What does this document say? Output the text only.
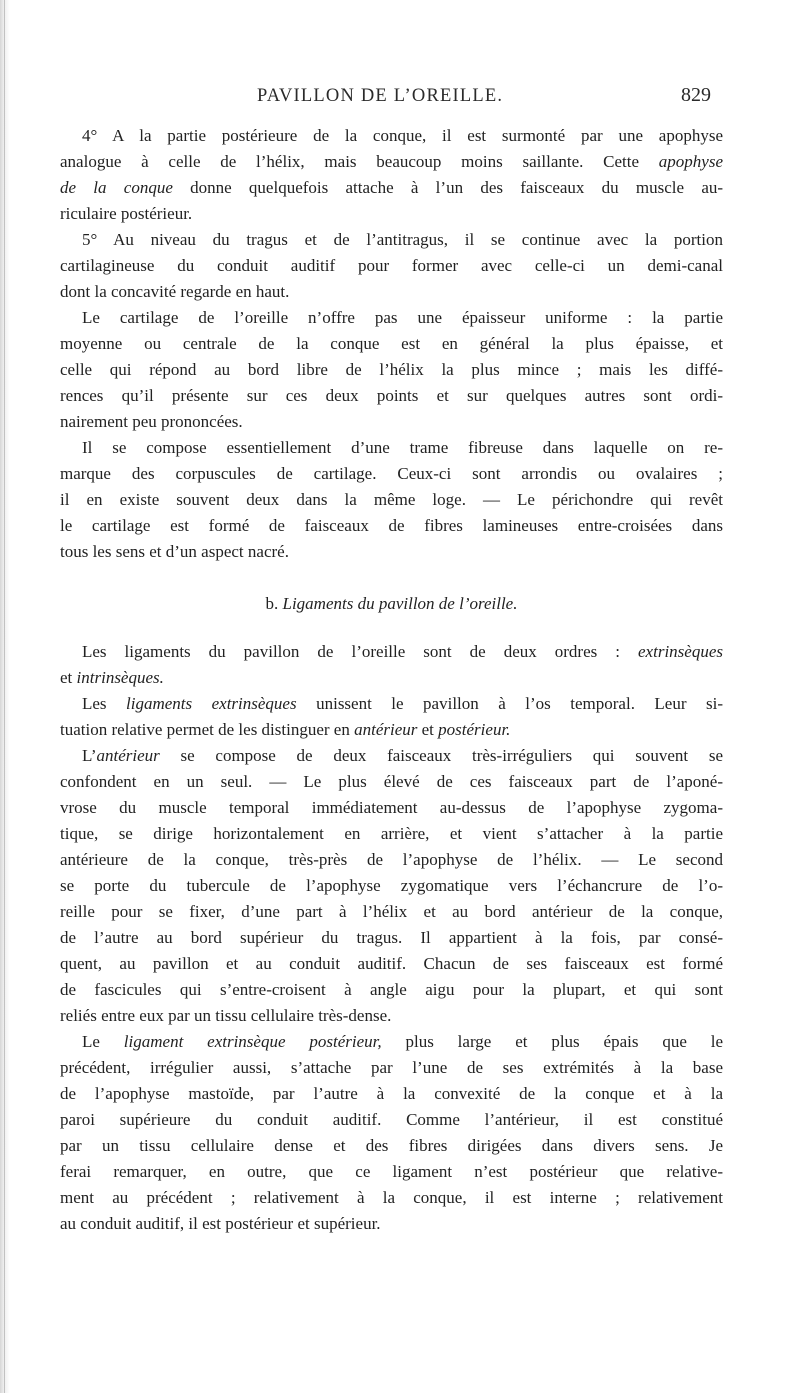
PAVILLON DE L’OREILLE.	829
4° A la partie postérieure de la conque, il est surmonté par une apophyse
analogue à celle de l’hélix, mais beaucoup moins saillante. Cette apophyse
de la conque donne quelquefois attache à l’un des faisceaux du muscle au-
riculaire postérieur.
5° Au niveau du tragus et de l’antitragus, il se continue avec la portion
cartilagineuse du conduit auditif pour former avec celle-ci un demi-canal
dont la concavité regarde en haut.
Le cartilage de l’oreille n’offre pas une épaisseur uniforme : la partie
moyenne ou centrale de la conque est en général la plus épaisse, et
celle qui répond au bord libre de l’hélix la plus mince ; mais les diffé-
rences qu’il présente sur ces deux points et sur quelques autres sont ordi-
nairement peu prononcées.
Il se compose essentiellement d’une trame fibreuse dans laquelle on re-
marque des corpuscules de cartilage. Ceux-ci sont arrondis ou ovalaires ;
il en existe souvent deux dans la même loge. — Le périchondre qui revêt
le cartilage est formé de faisceaux de fibres lamineuses entre-croisées dans
tous les sens et d’un aspect nacré.
b. Ligaments du pavillon de l’oreille.
Les ligaments du pavillon de l’oreille sont de deux ordres : extrinsèques
et intrinsèques.
Les ligaments extrinsèques unissent le pavillon à l’os temporal. Leur si-
tuation relative permet de les distinguer en antérieur et postérieur.
L’antérieur se compose de deux faisceaux très-irréguliers qui souvent se
confondent en un seul. — Le plus élevé de ces faisceaux part de l’aponé-
vrose du muscle temporal immédiatement au-dessus de l’apophyse zygoma-
tique, se dirige horizontalement en arrière, et vient s’attacher à la partie
antérieure de la conque, très-près de l’apophyse de l’hélix. — Le second
se porte du tubercule de l’apophyse zygomatique vers l’échancrure de l’o-
reille pour se fixer, d’une part à l’hélix et au bord antérieur de la conque,
de l’autre au bord supérieur du tragus. Il appartient à la fois, par consé-
quent, au pavillon et au conduit auditif. Chacun de ses faisceaux est formé
de fascicules qui s’entre-croisent à angle aigu pour la plupart, et qui sont
reliés entre eux par un tissu cellulaire très-dense.
Le ligament extrinsèque postérieur, plus large et plus épais que le
précédent, irrégulier aussi, s’attache par l’une de ses extrémités à la base
de l’apophyse mastoïde, par l’autre à la convexité de la conque et à la
paroi supérieure du conduit auditif. Comme l’antérieur, il est constitué
par un tissu cellulaire dense et des fibres dirigées dans divers sens. Je
ferai remarquer, en outre, que ce ligament n’est postérieur que relative-
ment au précédent ; relativement à la conque, il est interne ; relativement
au conduit auditif, il est postérieur et supérieur.
